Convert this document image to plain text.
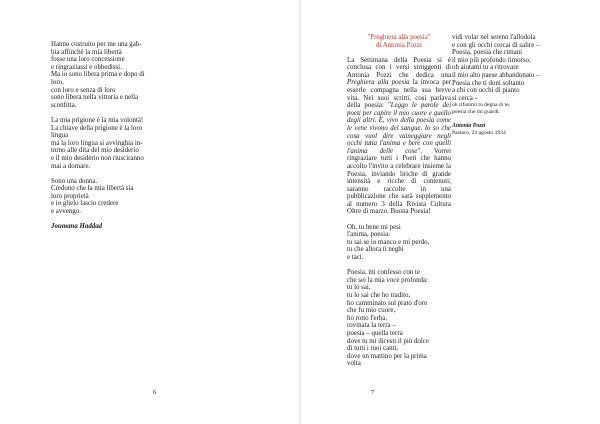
Hanno costruito per me una gab-

bia affinché la mia libertà

fosse una loro concessione

e ringraziassi e obbedissi.

Ma io sono libera prima e dopo di

loro,

con loro e senza di loro

sono libera nella vittoria e nella

sconfitta.

La mia prigione è la mia volontà!

La chiave della prigione è la loro

lingua

ma la loro lingua si avvinghia in-

torno alle dita del mio desiderio

e il mio desiderio non riusciranno

mai a domare.

Sono una donna.

Credono che la mia libertà sia

loro proprietà

e io glielo lascio credere

e avvengo.

Joumana Haddad

6
"Preghiera alla poesia"
di Antonia Pozzi

La Settimana della Poesia si è conclusa con i versi struggenti di Antonia Pozzi che dedica una Preghiera alla poesia la invoca per esserle compagna nella sua breve vita. Nei suoi scritti, così parlava della poesia: "Leggo le parole dei poeti per capire il mio cuore e quello degli altri. E, vivo della poesia come le vene vivono del sangue. Io so che cosa vuol dire vaineggiare negli occhi tutta l'anima e bere con quelli l'anima delle cose". Vorrei ringraziare tutti i Poeti che hanno accolto l'invito a celebrare insieme la Poesia, inviando liriche di grande intensità e ricche di contenuti; saranno raccolte in una pubblicazione che sarà supplemento al numero 3 della Rivista Cultura Oltre di marzo. Buona Poesia!

Oh, tu bene mi pesi

l'anima, poesia:

tu sai se io manco e mi perdo,

tu che allora ti neghi

e taci.

Poesia, mi confesso con te

che sei la mia voce profonda:

tu lo sai,

tu lo sai che ho tradito,

ho camminato sul prato d'oro

che fu mio cuore,

ho rotto l'erba,

rovinata la terra –

poesia – quella terra

dove tu mi dicesti il più dolce

di tutti i tuoi canti,

dove un mattino per la prima

volta

vidi volar nel sereno l'allodola

e con gli occhi cercai di salire –

Poesia, poesia che rimani

il mio più profondo rimorso,

oh aiutami tu a ritrovare

il mio alto paese abbandonato –

Poesia che ti doni soltanto

a chi con occhi di pianto

si cerca –

oh rifammi tu degna di te,

poesia che mi guardi.

Antonia Pozzi

Pasturo, 23 agosto 1934

7
